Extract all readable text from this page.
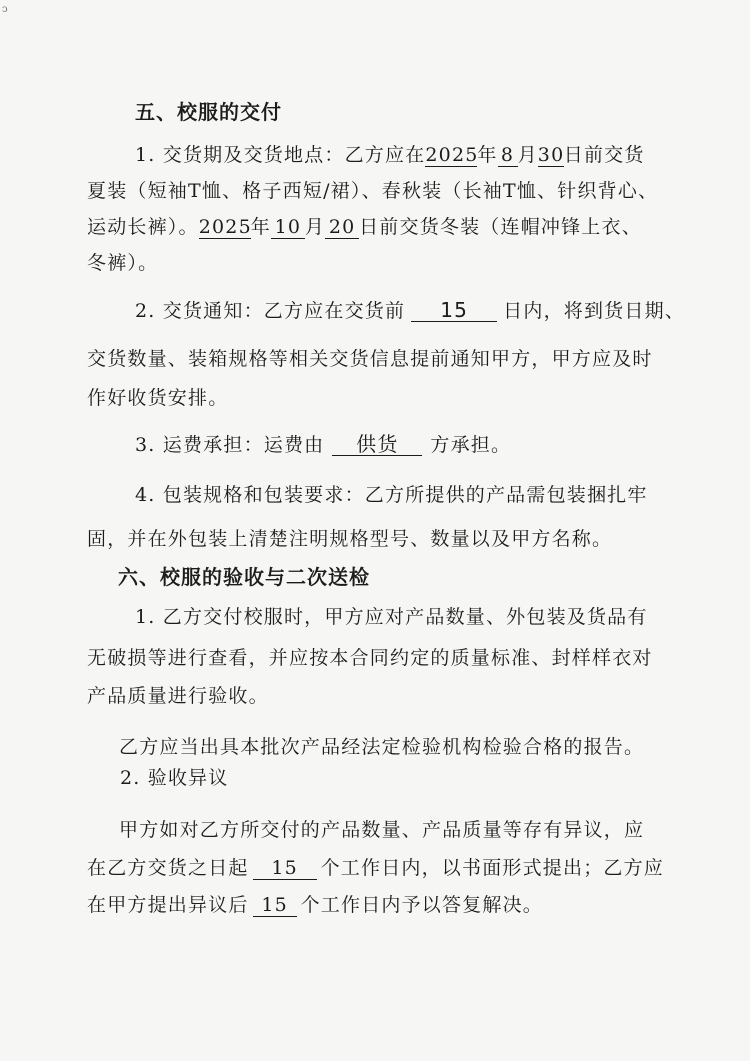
ↄ
五、校服的交付
1. 交货期及交货地点：乙方应在2025年 8 月30日前交货
夏装（短袖T恤、格子西短/裙）、春秋装（长袖T恤、针织背心、
运动长裤）。2025年 10 月 20 日前交货冬装（连帽冲锋上衣、
冬裤）。
2. 交货通知：乙方应在交货前 15 日内，将到货日期、
交货数量、装箱规格等相关交货信息提前通知甲方，甲方应及时
作好收货安排。
3. 运费承担：运费由 供货 方承担。
4. 包装规格和包装要求：乙方所提供的产品需包装捆扎牢
固，并在外包装上清楚注明规格型号、数量以及甲方名称。
六、校服的验收与二次送检
1. 乙方交付校服时，甲方应对产品数量、外包装及货品有
无破损等进行查看，并应按本合同约定的质量标准、封样样衣对
产品质量进行验收。
乙方应当出具本批次产品经法定检验机构检验合格的报告。
2. 验收异议
甲方如对乙方所交付的产品数量、产品质量等存有异议，应
在乙方交货之日起 15 个工作日内，以书面形式提出；乙方应
在甲方提出异议后 15 个工作日内予以答复解决。
